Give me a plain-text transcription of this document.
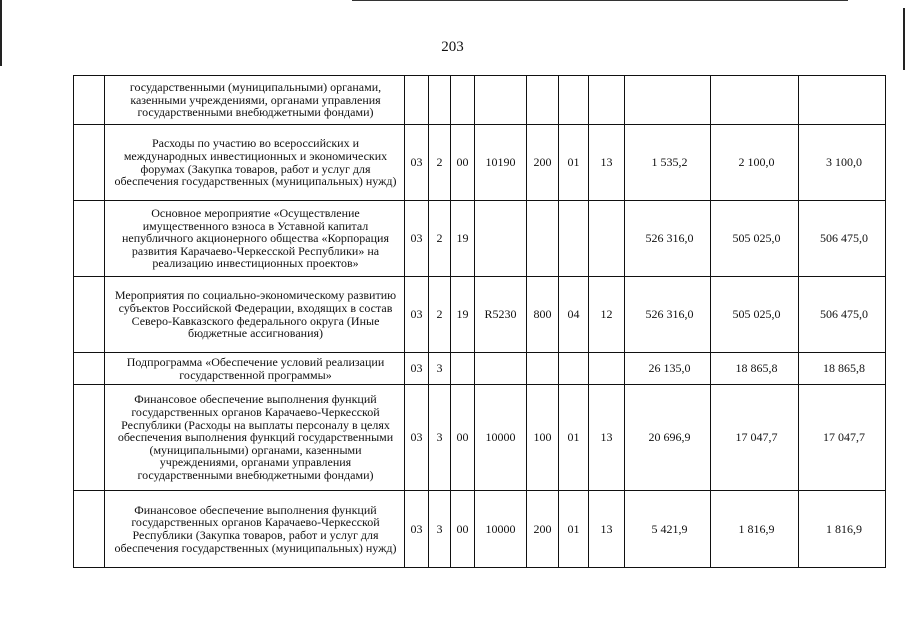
203

	государственными (муниципальными) органами, казенными учреждениями, органами управления государственными внебюджетными фондами)										

	Расходы по участию во всероссийских и международных инвестиционных и экономических форумах (Закупка товаров, работ и услуг для обеспечения государственных (муниципальных) нужд)	03	2	00	10190	200	01	13	1 535,2	2 100,0	3 100,0

	Основное мероприятие «Осуществление имущественного взноса в Уставной капитал непубличного акционерного общества «Корпорация развития Карачаево-Черкесской Республики» на реализацию инвестиционных проектов»	03	2	19					526 316,0	505 025,0	506 475,0

	Мероприятия по социально-экономическому развитию субъектов Российской Федерации, входящих в состав Северо-Кавказского федерального округа (Иные бюджетные ассигнования)	03	2	19	R5230	800	04	12	526 316,0	505 025,0	506 475,0

	Подпрограмма «Обеспечение условий реализации государственной программы»	03	3						26 135,0	18 865,8	18 865,8

	Финансовое обеспечение выполнения функций государственных органов Карачаево-Черкесской Республики (Расходы на выплаты персоналу в целях обеспечения выполнения функций государственными (муниципальными) органами, казенными учреждениями, органами управления государственными внебюджетными фондами)	03	3	00	10000	100	01	13	20 696,9	17 047,7	17 047,7

	Финансовое обеспечение выполнения функций государственных органов Карачаево-Черкесской Республики (Закупка товаров, работ и услуг для обеспечения государственных (муниципальных) нужд)	03	3	00	10000	200	01	13	5 421,9	1 816,9	1 816,9
